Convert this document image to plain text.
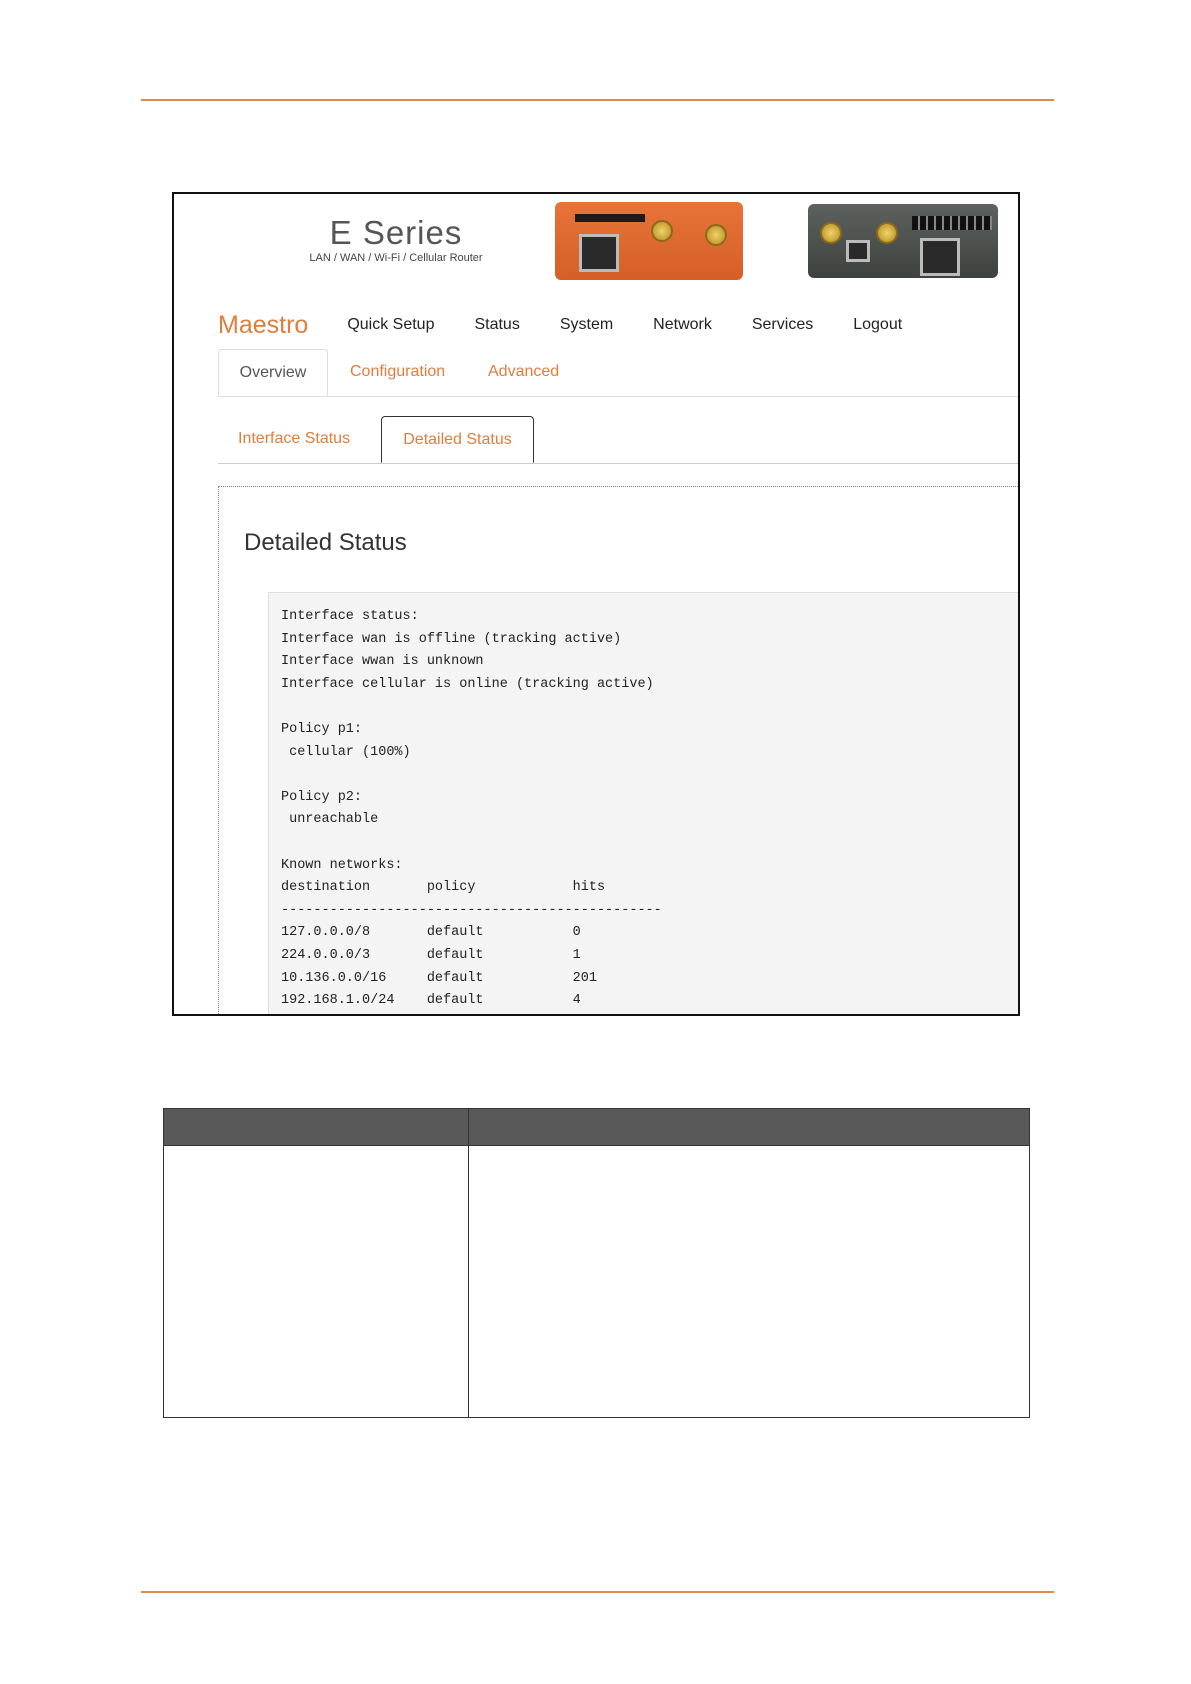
E Series
LAN / WAN / Wi-Fi / Cellular Router
Maestro Quick Setup	Status	System	Network	Services	Logout
Overview	Configuration	Advanced
Interface Status	Detailed Status
Detailed Status
Interface status:
Interface wan is offline (tracking active)
Interface wwan is unknown
Interface cellular is online (tracking active)

Policy p1:
cellular (100%)

Policy p2:
unreachable

Known networks:
destination       policy            hits
-----------------------------------------------
127.0.0.0/8       default           0
224.0.0.0/3       default           1
10.136.0.0/16     default           201
192.168.1.0/24    default           4
